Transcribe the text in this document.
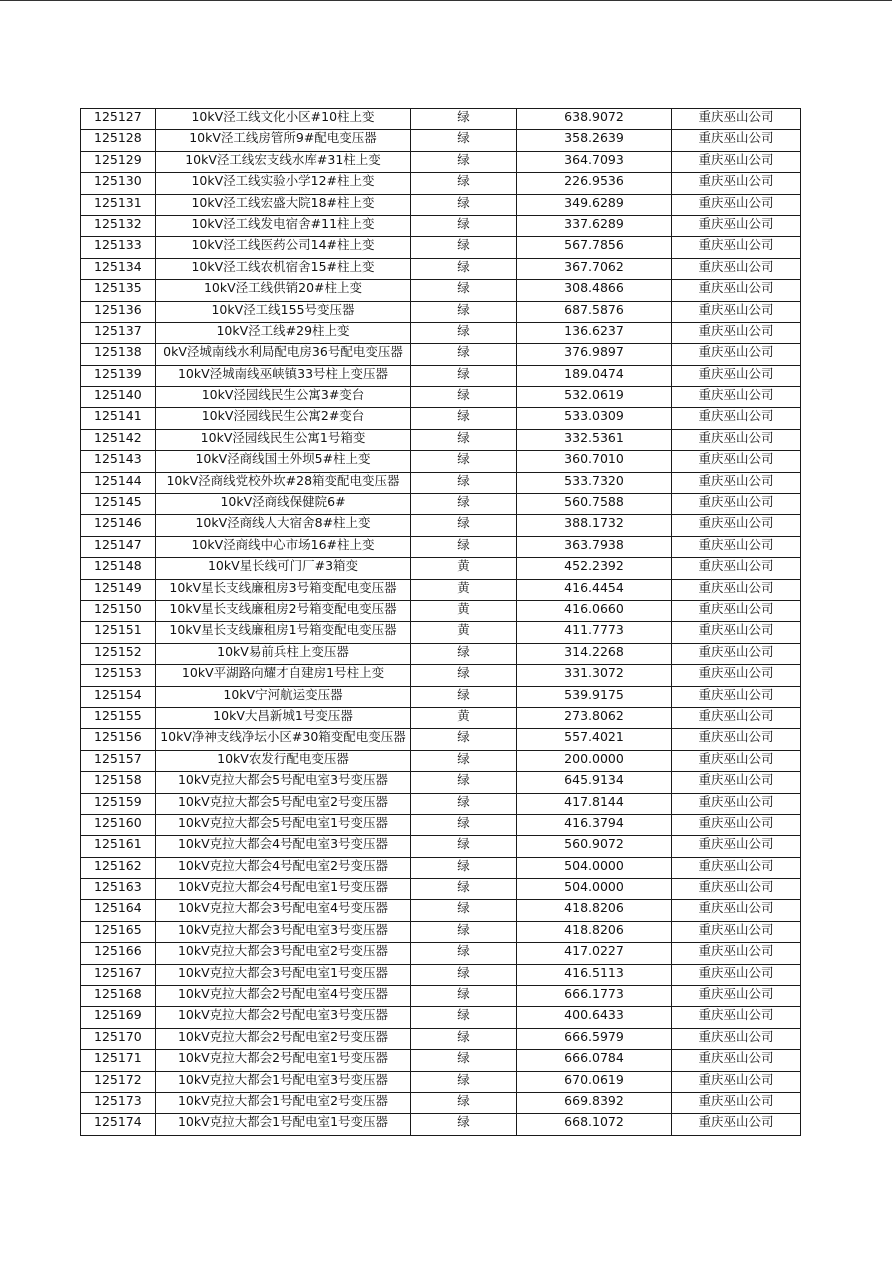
125127	10kV泾工线文化小区#10柱上变	绿	638.9072	重庆巫山公司
125128	10kV泾工线房管所9#配电变压器	绿	358.2639	重庆巫山公司
125129	10kV泾工线宏支线水库#31柱上变	绿	364.7093	重庆巫山公司
125130	10kV泾工线实验小学12#柱上变	绿	226.9536	重庆巫山公司
125131	10kV泾工线宏盛大院18#柱上变	绿	349.6289	重庆巫山公司
125132	10kV泾工线发电宿舍#11柱上变	绿	337.6289	重庆巫山公司
125133	10kV泾工线医药公司14#柱上变	绿	567.7856	重庆巫山公司
125134	10kV泾工线农机宿舍15#柱上变	绿	367.7062	重庆巫山公司
125135	10kV泾工线供销20#柱上变	绿	308.4866	重庆巫山公司
125136	10kV泾工线155号变压器	绿	687.5876	重庆巫山公司
125137	10kV泾工线#29柱上变	绿	136.6237	重庆巫山公司
125138	0kV泾城南线水利局配电房36号配电变压器	绿	376.9897	重庆巫山公司
125139	10kV泾城南线巫峡镇33号柱上变压器	绿	189.0474	重庆巫山公司
125140	10kV泾园线民生公寓3#变台	绿	532.0619	重庆巫山公司
125141	10kV泾园线民生公寓2#变台	绿	533.0309	重庆巫山公司
125142	10kV泾园线民生公寓1号箱变	绿	332.5361	重庆巫山公司
125143	10kV泾商线国土外坝5#柱上变	绿	360.7010	重庆巫山公司
125144	10kV泾商线党校外坎#28箱变配电变压器	绿	533.7320	重庆巫山公司
125145	10kV泾商线保健院6#	绿	560.7588	重庆巫山公司
125146	10kV泾商线人大宿舍8#柱上变	绿	388.1732	重庆巫山公司
125147	10kV泾商线中心市场16#柱上变	绿	363.7938	重庆巫山公司
125148	10kV星长线可门厂#3箱变	黄	452.2392	重庆巫山公司
125149	10kV星长支线廉租房3号箱变配电变压器	黄	416.4454	重庆巫山公司
125150	10kV星长支线廉租房2号箱变配电变压器	黄	416.0660	重庆巫山公司
125151	10kV星长支线廉租房1号箱变配电变压器	黄	411.7773	重庆巫山公司
125152	10kV易前兵柱上变压器	绿	314.2268	重庆巫山公司
125153	10kV平湖路向耀才自建房1号柱上变	绿	331.3072	重庆巫山公司
125154	10kV宁河航运变压器	绿	539.9175	重庆巫山公司
125155	10kV大昌新城1号变压器	黄	273.8062	重庆巫山公司
125156	10kV净神支线净坛小区#30箱变配电变压器	绿	557.4021	重庆巫山公司
125157	10kV农发行配电变压器	绿	200.0000	重庆巫山公司
125158	10kV克拉大都会5号配电室3号变压器	绿	645.9134	重庆巫山公司
125159	10kV克拉大都会5号配电室2号变压器	绿	417.8144	重庆巫山公司
125160	10kV克拉大都会5号配电室1号变压器	绿	416.3794	重庆巫山公司
125161	10kV克拉大都会4号配电室3号变压器	绿	560.9072	重庆巫山公司
125162	10kV克拉大都会4号配电室2号变压器	绿	504.0000	重庆巫山公司
125163	10kV克拉大都会4号配电室1号变压器	绿	504.0000	重庆巫山公司
125164	10kV克拉大都会3号配电室4号变压器	绿	418.8206	重庆巫山公司
125165	10kV克拉大都会3号配电室3号变压器	绿	418.8206	重庆巫山公司
125166	10kV克拉大都会3号配电室2号变压器	绿	417.0227	重庆巫山公司
125167	10kV克拉大都会3号配电室1号变压器	绿	416.5113	重庆巫山公司
125168	10kV克拉大都会2号配电室4号变压器	绿	666.1773	重庆巫山公司
125169	10kV克拉大都会2号配电室3号变压器	绿	400.6433	重庆巫山公司
125170	10kV克拉大都会2号配电室2号变压器	绿	666.5979	重庆巫山公司
125171	10kV克拉大都会2号配电室1号变压器	绿	666.0784	重庆巫山公司
125172	10kV克拉大都会1号配电室3号变压器	绿	670.0619	重庆巫山公司
125173	10kV克拉大都会1号配电室2号变压器	绿	669.8392	重庆巫山公司
125174	10kV克拉大都会1号配电室1号变压器	绿	668.1072	重庆巫山公司
